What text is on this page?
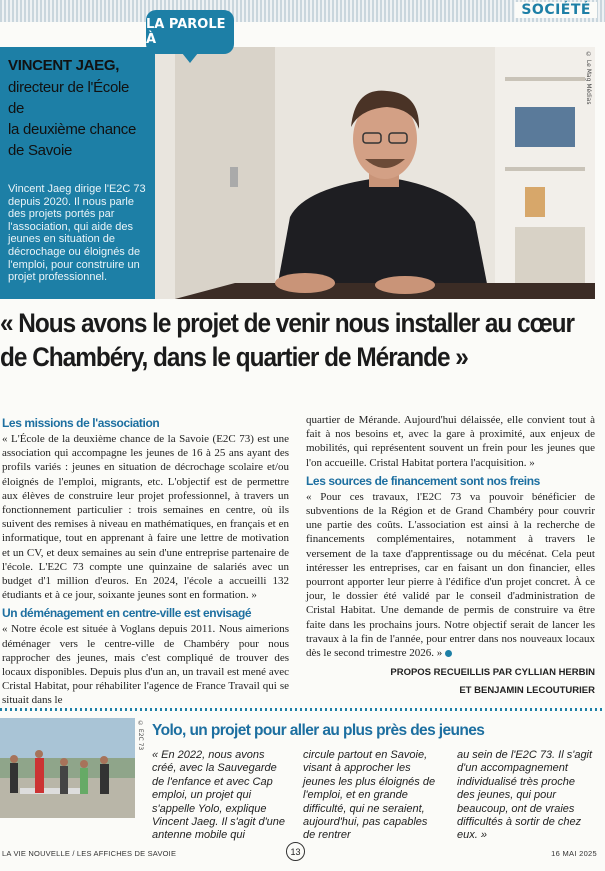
SOCIÉTÉ
LA PAROLE À
VINCENT JAEG,
directeur de l'École de
la deuxième chance
de Savoie
Vincent Jaeg dirige l'E2C 73 depuis 2020. Il nous parle des projets portés par l'association, qui aide des jeunes en situation de décrochage ou éloignés de l'emploi, pour construire un projet professionnel.
© Le Mag Médias
« Nous avons le projet de venir nous installer au cœur
de Chambéry, dans le quartier de Mérande »
Les missions de l'association
« L'École de la deuxième chance de la Savoie (E2C 73) est une association qui accompagne les jeunes de 16 à 25 ans ayant des profils variés : jeunes en situation de décrochage scolaire et/ou éloignés de l'emploi, migrants, etc. L'objectif est de permettre aux élèves de construire leur projet professionnel, à travers un fonctionnement particulier : trois semaines en centre, où ils suivent des remises à niveau en mathématiques, en français et en informatique, tout en apprenant à faire une lettre de motivation et un CV, et deux semaines au sein d'une entreprise partenaire de l'école. L'E2C 73 compte une quinzaine de salariés avec un budget d'1 million d'euros. En 2024, l'école a accueilli 132 étudiants et à ce jour, soixante jeunes sont en formation. »
Un déménagement en centre-ville est envisagé
« Notre école est située à Voglans depuis 2011. Nous aimerions déménager vers le centre-ville de Chambéry pour nous rapprocher des jeunes, mais c'est compliqué de trouver des locaux disponibles. Depuis plus d'un an, un travail est mené avec Cristal Habitat, pour réhabiliter l'agence de France Travail qui se situait dans le
quartier de Mérande. Aujourd'hui délaissée, elle convient tout à fait à nos besoins et, avec la gare à proximité, aux enjeux de mobilités, qui représentent souvent un frein pour les jeunes que l'on accueille. Cristal Habitat portera l'acquisition. »
Les sources de financement sont nos freins
« Pour ces travaux, l'E2C 73 va pouvoir bénéficier de subventions de la Région et de Grand Chambéry pour couvrir une partie des coûts. L'association est ainsi à la recherche de financements complémentaires, notamment à travers le versement de la taxe d'apprentissage ou du mécénat. Cela peut intéresser les entreprises, car en faisant un don financier, elles pourront apporter leur pierre à l'édifice d'un projet concret. À ce jour, le dossier été validé par le conseil d'administration de Cristal Habitat. Une demande de permis de construire va être faite dans les prochains jours. Notre objectif serait de lancer les travaux à la fin de l'année, pour entrer dans nos nouveaux locaux dès le second trimestre 2026. »
PROPOS RECUEILLIS PAR CYLLIAN HERBIN
ET BENJAMIN LECOUTURIER
© E2C 73 Yolo, un projet pour aller au plus près des jeunes
« En 2022, nous avons créé, avec la Sauvegarde de l'enfance et avec Cap emploi, un projet qui s'appelle Yolo, explique Vincent Jaeg. Il s'agit d'une antenne mobile qui
circule partout en Savoie, visant à approcher les jeunes les plus éloignés de l'emploi, et en grande difficulté, qui ne seraient, aujourd'hui, pas capables de rentrer
au sein de l'E2C 73. Il s'agit d'un accompagnement individualisé très proche des jeunes, qui pour beaucoup, ont de vraies difficultés à sortir de chez eux. »
LA VIE NOUVELLE / LES AFFICHES DE SAVOIE	13	16 MAI 2025
